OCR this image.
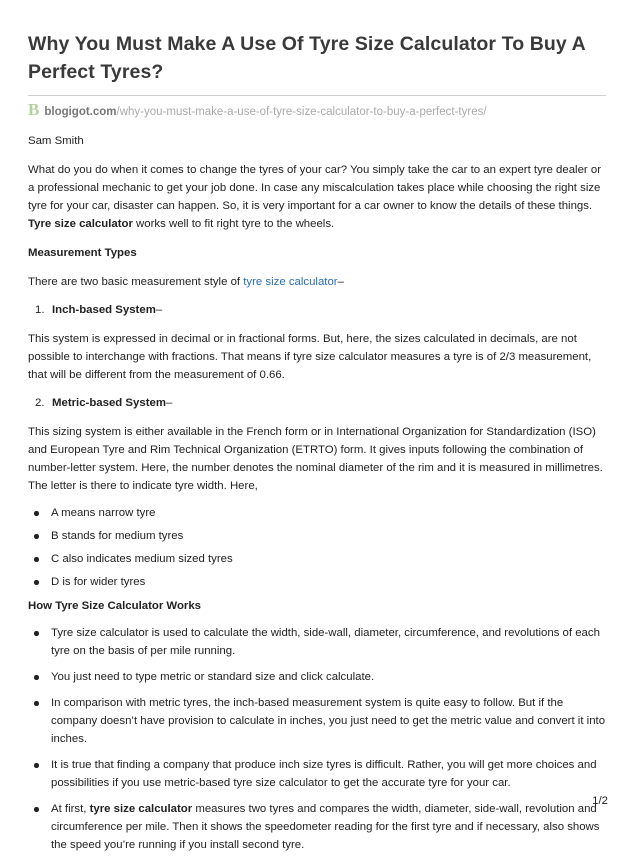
Why You Must Make A Use Of Tyre Size Calculator To Buy A Perfect Tyres?
B blogigot.com /why-you-must-make-a-use-of-tyre-size-calculator-to-buy-a-perfect-tyres/

Sam Smith

What do you do when it comes to change the tyres of your car? You simply take the car to an expert tyre dealer or a professional mechanic to get your job done. In case any miscalculation takes place while choosing the right size tyre for your car, disaster can happen. So, it is very important for a car owner to know the details of these things. Tyre size calculator works well to fit right tyre to the wheels.

Measurement Types

There are two basic measurement style of tyre size calculator–

1. Inch-based System–

This system is expressed in decimal or in fractional forms. But, here, the sizes calculated in decimals, are not possible to interchange with fractions. That means if tyre size calculator measures a tyre is of 2/3 measurement, that will be different from the measurement of 0.66.

2. Metric-based System–

This sizing system is either available in the French form or in International Organization for Standardization (ISO) and European Tyre and Rim Technical Organization (ETRTO) form. It gives inputs following the combination of number-letter system. Here, the number denotes the nominal diameter of the rim and it is measured in millimetres. The letter is there to indicate tyre width. Here,

A means narrow tyre
B stands for medium tyres
C also indicates medium sized tyres
D is for wider tyres

How Tyre Size Calculator Works

Tyre size calculator is used to calculate the width, side-wall, diameter, circumference, and revolutions of each tyre on the basis of per mile running.
You just need to type metric or standard size and click calculate.
In comparison with metric tyres, the inch-based measurement system is quite easy to follow. But if the company doesn’t have provision to calculate in inches, you just need to get the metric value and convert it into inches.
It is true that finding a company that produce inch size tyres is difficult. Rather, you will get more choices and possibilities if you use metric-based tyre size calculator to get the accurate tyre for your car.
At first, tyre size calculator measures two tyres and compares the width, diameter, side-wall, revolution and circumference per mile. Then it shows the speedometer reading for the first tyre and if necessary, also shows the speed you’re running if you install second tyre.
1/2
